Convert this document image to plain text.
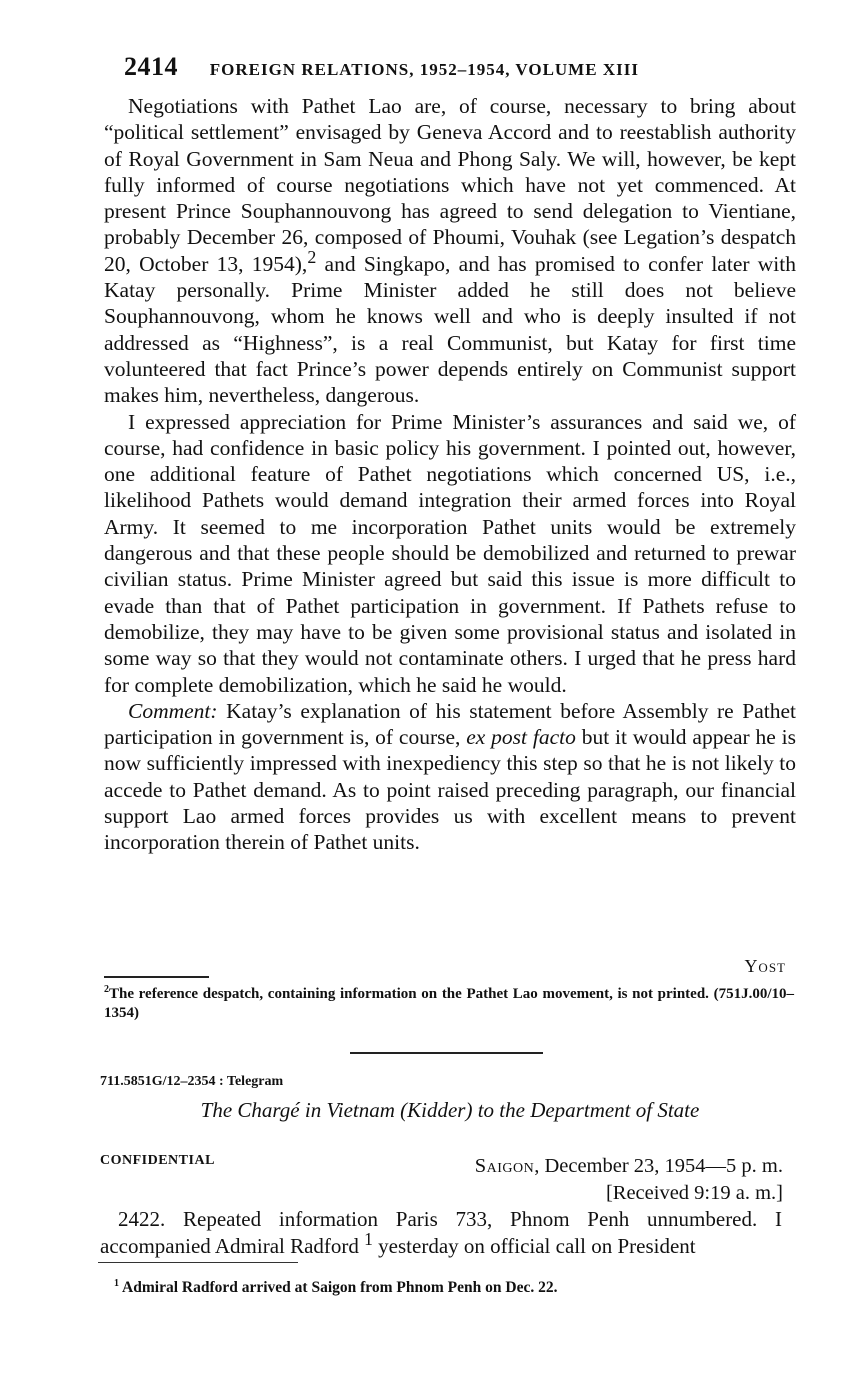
2414 FOREIGN RELATIONS, 1952–1954, VOLUME XIII

Negotiations with Pathet Lao are, of course, necessary to bring about “political settlement” envisaged by Geneva Accord and to reestablish authority of Royal Government in Sam Neua and Phong Saly. We will, however, be kept fully informed of course negotiations which have not yet commenced. At present Prince Souphannouvong has agreed to send delegation to Vientiane, probably December 26, composed of Phoumi, Vouhak (see Legation’s despatch 20, October 13, 1954),$^2$ and Singkapo, and has promised to confer later with Katay personally. Prime Minister added he still does not believe Souphannouvong, whom he knows well and who is deeply insulted if not addressed as “Highness”, is a real Communist, but Katay for first time volunteered that fact Prince’s power depends entirely on Communist support makes him, nevertheless, dangerous.

I expressed appreciation for Prime Minister’s assurances and said we, of course, had confidence in basic policy his government. I pointed out, however, one additional feature of Pathet negotiations which concerned US, i.e., likelihood Pathets would demand integration their armed forces into Royal Army. It seemed to me incorporation Pathet units would be extremely dangerous and that these people should be demobilized and returned to prewar civilian status. Prime Minister agreed but said this issue is more difficult to evade than that of Pathet participation in government. If Pathets refuse to demobilize, they may have to be given some provisional status and isolated in some way so that they would not contaminate others. I urged that he press hard for complete demobilization, which he said he would.

Comment: Katay’s explanation of his statement before Assembly re Pathet participation in government is, of course, ex post facto but it would appear he is now sufficiently impressed with inexpediency this step so that he is not likely to accede to Pathet demand. As to point raised preceding paragraph, our financial support Lao armed forces provides us with excellent means to prevent incorporation therein of Pathet units.

Yost
$^2$The reference despatch, containing information on the Pathet Lao movement, is not printed. (751J.00/10–1354)
711.5851G/12–2354 : Telegram
The Chargé in Vietnam (Kidder) to the Department of State
CONFIDENTIAL	Saigon, December 23, 1954—5 p. m.
[Received 9:19 a. m.]

2422. Repeated information Paris 733, Phnom Penh unnumbered. I accompanied Admiral Radford $^1$ yesterday on official call on President

$^1$ Admiral Radford arrived at Saigon from Phnom Penh on Dec. 22.
